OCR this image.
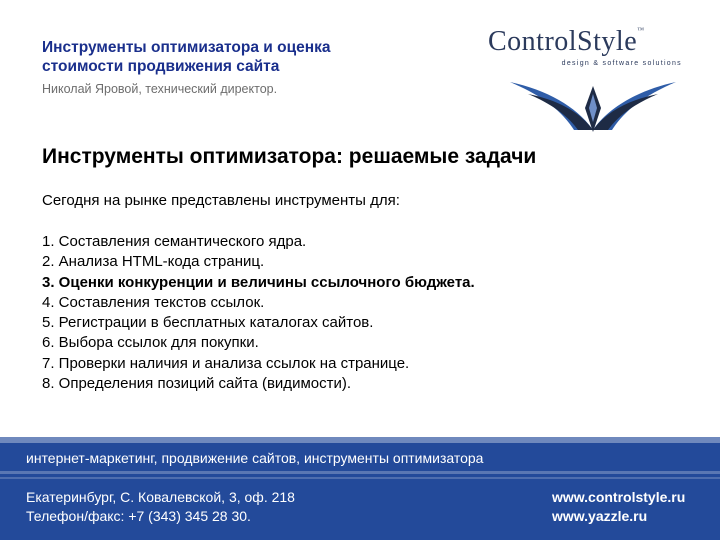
Инструменты оптимизатора и оценка
стоимости продвижения сайта
Николай Яровой, технический директор.
ControlStyle™
design & software solutions
Инструменты оптимизатора: решаемые задачи
Сегодня на рынке представлены инструменты для:
1. Составления семантического ядра.
2. Анализа HTML-кода страниц.
3. Оценки конкуренции и величины ссылочного бюджета.
4. Составления текстов ссылок.
5. Регистрации в бесплатных каталогах сайтов.
6. Выбора ссылок для покупки.
7. Проверки наличия и анализа ссылок на странице.
8. Определения позиций сайта (видимости).
интернет-маркетинг, продвижение сайтов, инструменты оптимизатора
Екатеринбург, С. Ковалевской, 3, оф. 218
Телефон/факс: +7 (343) 345 28 30.
www.controlstyle.ru
www.yazzle.ru
